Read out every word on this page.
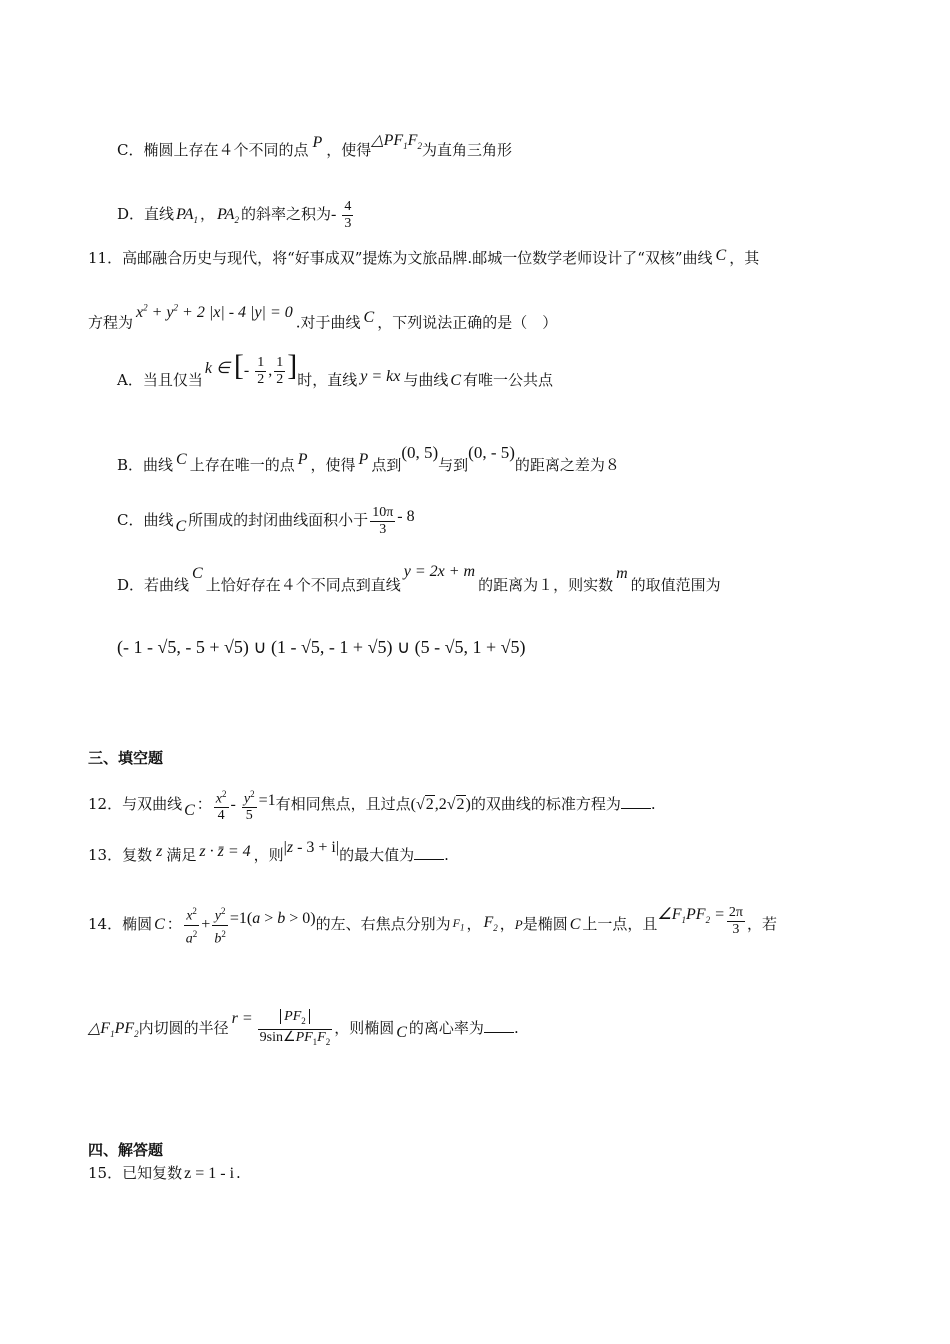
C．椭圆上存在４个不同的点 P ，使得$\triangle PF_1F_2$为直角三角形
D．直线 $PA_1$ ， $PA_2$ 的斜率之积为- $\frac{4}{3}$
11．高邮融合历史与现代，将“好事成双”提炼为文旅品牌.邮城一位数学老师设计了“双核”曲线 C ，其
方程为$x^2 + y^2 + 2$ |x| - 4 |y| = 0.对于曲线 C ，下列说法正确的是（　）
A．当且仅当k ∈ [- $\frac{1}{2}$ , $\frac{1}{2}$ ]时，直线 y = kx 与曲线 C 有唯一公共点
B．曲线 C 上存在唯一的点 P ，使得 P 点到(0, 5)与到(0, - 5)的距离之差为８
C．曲线 C 所围成的封闭曲线面积小于 $\frac{10\pi}{3} - 8$
D．若曲线C上恰好存在４个不同点到直线y = 2x + m的距离为１，则实数m的取值范围为
(- 1 - √5, - 5 + √5) ∪ (1 - √5, - 1 + √5) ∪ (5 - √5, 1 + √5)
三、填空题
12．与双曲线 C ： $\frac{x^2}{4} - \frac{y^2}{5} =1$有相同焦点，且过点(√2,2√2)的双曲线的标准方程为 .
13．复数 z 满足 z · z̄ = 4 ，则|z - 3 + i|的最大值为 .
14．椭圆 C ： $\frac{x^2}{a^2} + \frac{y^2}{b^2} =1(a > b > 0)$的左、右焦点分别为 $F_1$ ， $F_2$ ，P是椭圆 C 上一点，且$\angle F_1PF_2 = \frac{2\pi}{3}$ ，若
$\triangle F_1PF_2$内切圆的半径$r = \frac{PF_2}{9\sin\angle PF_1F_2}$ ，则椭圆 C 的离心率为 .
四、解答题
15．已知复数 z = 1 - i .
